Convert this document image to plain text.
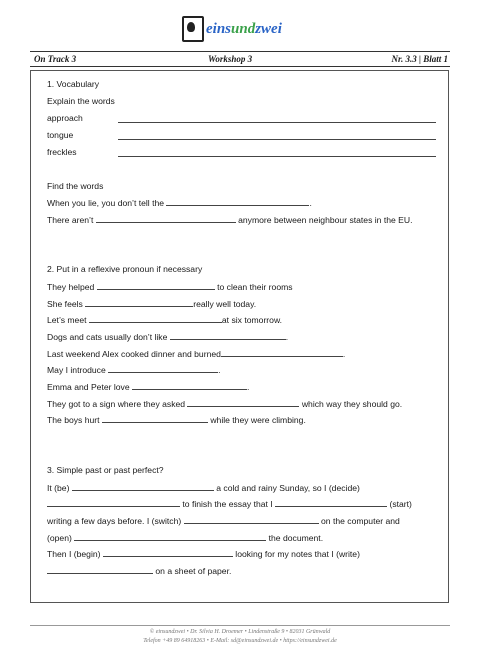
einsundzwei
On Track 3	Workshop 3	Nr. 3.3 | Blatt 1
1. Vocabulary
Explain the words
approach
tongue
freckles
Find the words
When you lie, you don’t tell the	.
There aren’t	anymore between neighbour states in the EU.
2. Put in a reflexive pronoun if necessary
They helped	to clean their rooms
She feels	really well today.
Let’s meet	at six tomorrow.
Dogs and cats usually don’t like	.
Last weekend Alex cooked dinner and burned	.
May I introduce	.
Emma and Peter love	.
They got to a sign where they asked	which way they should go.
The boys hurt	while they were climbing.
3. Simple past or past perfect?
It (be)	a cold and rainy Sunday, so I (decide)
to finish the essay that I	(start)
writing a few days before. I (switch)	on the computer and
(open)	the document.
Then I (begin)	looking for my notes that I (write)
on a sheet of paper.
© einsundzwei • Dr. Silvia H. Droemer • Lindenstraße 9 • 82031 Grünwald
Telefon +49 89 64918263 • E-Mail: sd@einsundzwei.de • https://einsundzwei.de
